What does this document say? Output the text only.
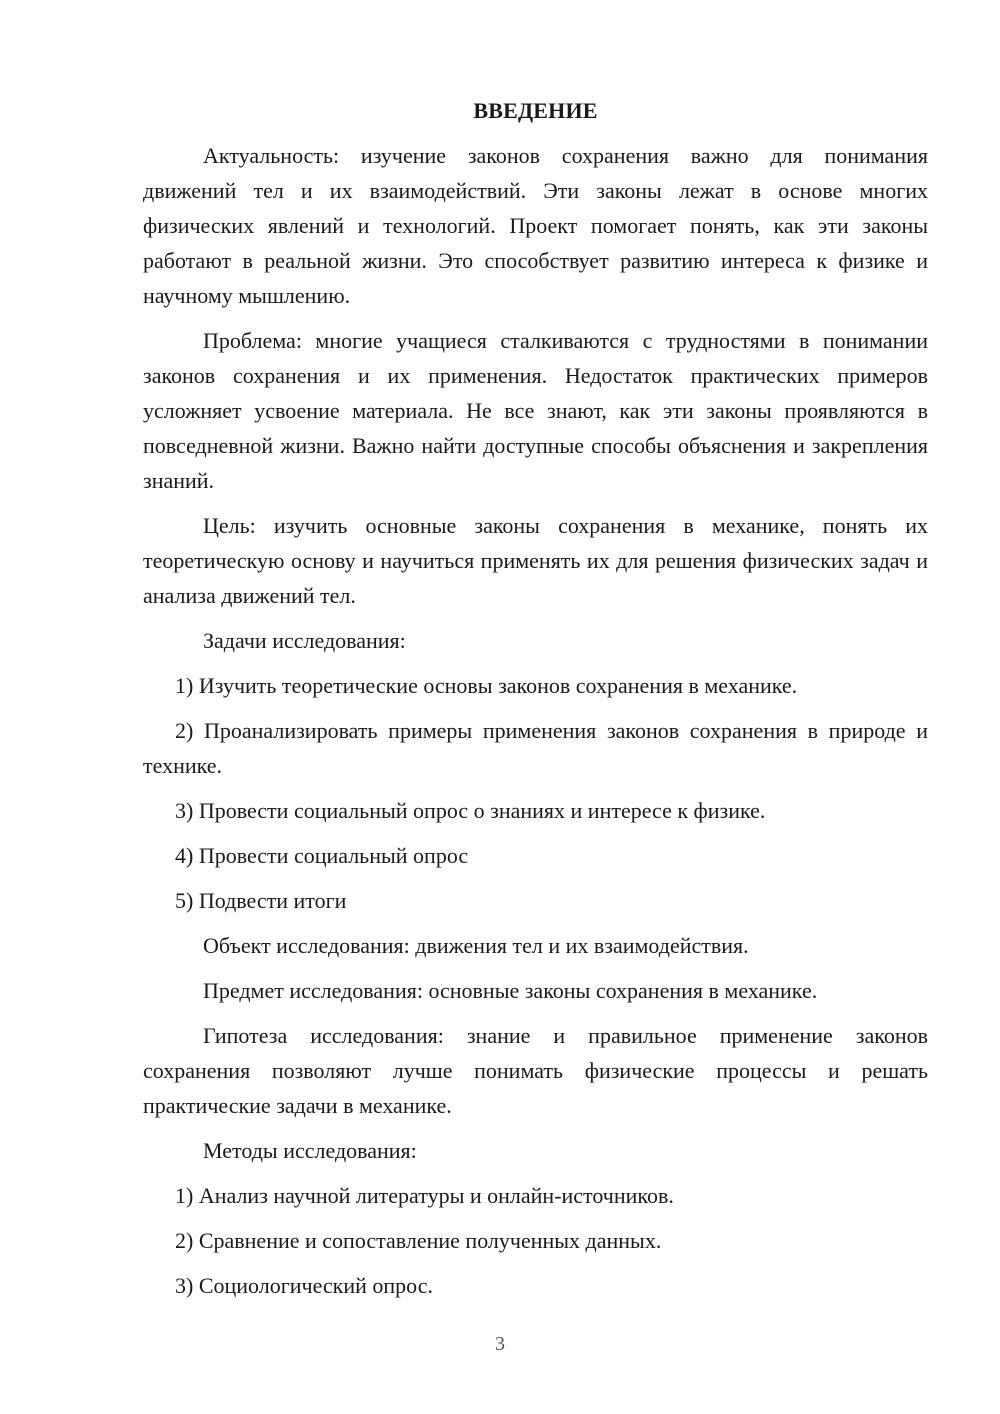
ВВЕДЕНИЕ

Актуальность: изучение законов сохранения важно для понимания движений тел и их взаимодействий. Эти законы лежат в основе многих физических явлений и технологий. Проект помогает понять, как эти законы работают в реальной жизни. Это способствует развитию интереса к физике и научному мышлению.

Проблема: многие учащиеся сталкиваются с трудностями в понимании законов сохранения и их применения. Недостаток практических примеров усложняет усвоение материала. Не все знают, как эти законы проявляются в повседневной жизни. Важно найти доступные способы объяснения и закрепления знаний.

Цель: изучить основные законы сохранения в механике, понять их теоретическую основу и научиться применять их для решения физических задач и анализа движений тел.

Задачи исследования:

1) Изучить теоретические основы законов сохранения в механике.

2) Проанализировать примеры применения законов сохранения в природе и технике.

3) Провести социальный опрос о знаниях и интересе к физике.

4) Провести социальный опрос

5) Подвести итоги

Объект исследования: движения тел и их взаимодействия.

Предмет исследования: основные законы сохранения в механике.

Гипотеза исследования: знание и правильное применение законов сохранения позволяют лучше понимать физические процессы и решать практические задачи в механике.

Методы исследования:

1) Анализ научной литературы и онлайн-источников.

2) Сравнение и сопоставление полученных данных.

3) Социологический опрос.

3
